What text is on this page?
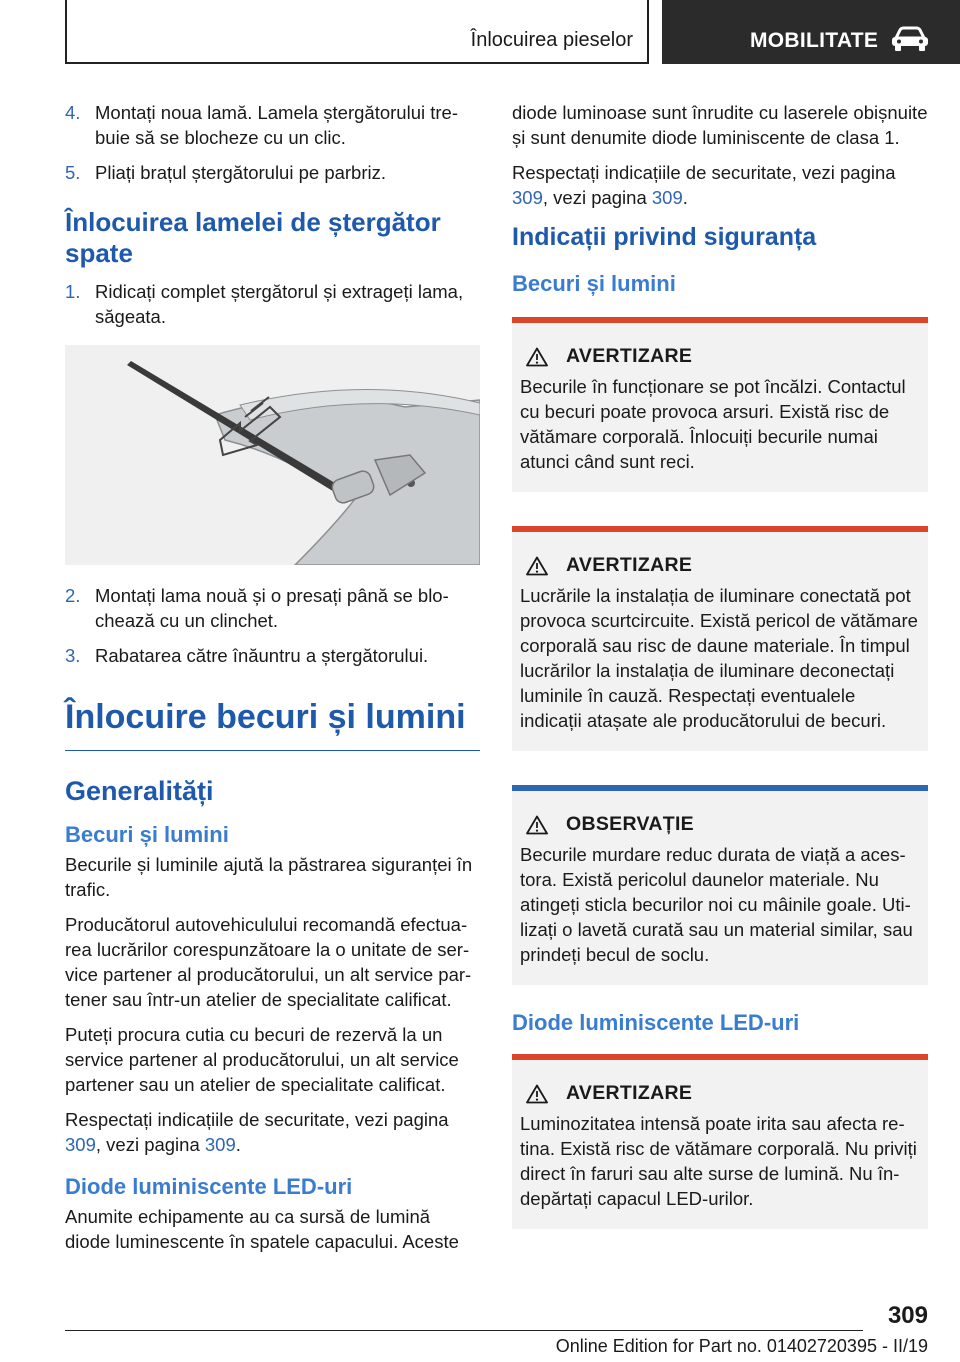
Înlocuirea pieselor	MOBILITATE
4. Montați noua lamă. Lamela ștergătorului trebuie să se blocheze cu un clic.
5. Pliați brațul ștergătorului pe parbriz.
Înlocuirea lamelei de ștergător spate
1. Ridicați complet ștergătorul și extrageți lama, săgeata.
2. Montați lama nouă și o presați până se blochează cu un clinchet.
3. Rabatarea către înăuntru a ștergătorului.
Înlocuire becuri și lumini
Generalități
Becuri și lumini

Becurile și luminile ajută la păstrarea siguranței în trafic.

Producătorul autovehiculului recomandă efectuarea lucrărilor corespunzătoare la o unitate de service partener al producătorului, un alt service partener sau într-un atelier de specialitate calificat.

Puteți procura cutia cu becuri de rezervă la un service partener al producătorului, un alt service partener sau un atelier de specialitate calificat.

Respectați indicațiile de securitate, vezi pagina 309, vezi pagina 309.

Diode luminiscente LED-uri

Anumite echipamente au ca sursă de lumină diode luminescente în spatele capacului. Aceste

diode luminoase sunt înrudite cu laserele obișnuite și sunt denumite diode luminiscente de clasa 1.

Respectați indicațiile de securitate, vezi pagina 309, vezi pagina 309.

Indicații privind siguranța
Becuri și lumini
AVERTIZARE

Becurile în funcționare se pot încălzi. Contactul cu becuri poate provoca arsuri. Există risc de vătămare corporală. Înlocuiți becurile numai atunci când sunt reci.

AVERTIZARE

Lucrările la instalația de iluminare conectată pot provoca scurtcircuite. Există pericol de vătămare corporală sau risc de daune materiale. În timpul lucrărilor la instalația de iluminare deconectați luminile în cauză. Respectați eventualele indicații atașate ale producătorului de becuri.

OBSERVAȚIE

Becurile murdare reduc durata de viață a acestora. Există pericolul daunelor materiale. Nu atingeți sticla becurilor noi cu mâinile goale. Utilizați o lavetă curată sau un material similar, sau prindeți becul de soclu.

Diode luminiscente LED-uri
AVERTIZARE

Luminozitatea intensă poate irita sau afecta retina. Există risc de vătămare corporală. Nu priviți direct în faruri sau alte surse de lumină. Nu îndepărtați capacul LED-urilor.

309
Online Edition for Part no. 01402720395 - II/19
